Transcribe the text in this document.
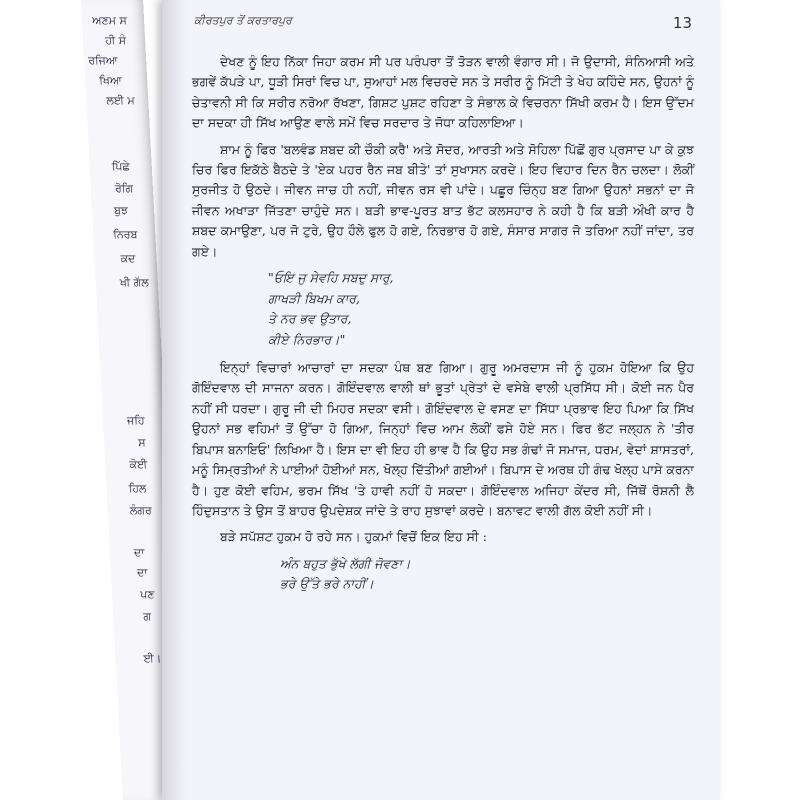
ਅਣਮ ਸ
ਹੀ ਸੰ
ਰਜਿਆ
ਖਿਆ
ਲਈ ਮ
ਪਿੱਛੇ
ਰੋਗਿ
ਬੁਝ
ਨਿਰਬ
ਕਦ
ਖੀ ਗੱਲ
ਜਹਿ
ਸ
ਕੋਈ
ਹਿਲ
ਲੰਗਰ
ਦਾ
ਦਾ
ਪਣ
ਗ
ਈ।
ਕੀਰਤਪੁਰ ਤੋਂ ਕਰਤਾਰਪੁਰ	13

ਦੇਖਣ ਨੂੰ ਇਹ ਨਿੱਕਾ ਜਿਹਾ ਕਰਮ ਸੀ ਪਰ ਪਰੰਪਰਾ ਤੋਂ ਤੋੜਨ ਵਾਲੀ ਵੰਗਾਰ ਸੀ। ਜੋ ਉਦਾਸੀ, ਸੰਨਿਆਸੀ ਅਤੇ ਭਗਵੇਂ ਕੱਪੜੇ ਪਾ, ਧੂੜੀ ਸਿਰਾਂ ਵਿਚ ਪਾ, ਸੁਆਹਾਂ ਮਲ ਵਿਚਰਦੇ ਸਨ ਤੇ ਸਰੀਰ ਨੂੰ ਮਿੱਟੀ ਤੇ ਖੇਹ ਕਹਿੰਦੇ ਸਨ, ਉਹਨਾਂ ਨੂੰ ਚੇਤਾਵਨੀ ਸੀ ਕਿ ਸਰੀਰ ਨਰੋਆ ਰੱਖਣਾ, ਗਿਸ਼ਟ ਪੁਸ਼ਟ ਰਹਿਣਾ ਤੇ ਸੰਭਾਲ ਕੇ ਵਿਚਰਨਾ ਸਿੱਖੀ ਕਰਮ ਹੈ। ਇਸ ਉੱਦਮ ਦਾ ਸਦਕਾ ਹੀ ਸਿੱਖ ਆਉਣ ਵਾਲੇ ਸਮੇਂ ਵਿਚ ਸਰਦਾਰ ਤੇ ਜੋਧਾ ਕਹਿਲਾਇਆ।

ਸ਼ਾਮ ਨੂੰ ਫਿਰ 'ਬਲਵੰਡ ਸ਼ਬਦ ਕੀ ਚੌਕੀ ਕਰੈ' ਅਤੇ ਸੋਦਰ, ਆਰਤੀ ਅਤੇ ਸੋਹਿਲਾ ਪਿੱਛੋਂ ਗੁਰ ਪ੍ਰਸਾਦ ਪਾ ਕੇ ਕੁਝ ਚਿਰ ਫਿਰ ਇਕੱਠੇ ਬੈਠਦੇ ਤੇ 'ਏਕ ਪਹਰ ਰੈਨ ਜਬ ਬੀਤੇ' ਤਾਂ ਸੁਖਾਸਨ ਕਰਦੇ। ਇਹ ਵਿਹਾਰ ਦਿਨ ਰੈਨ ਚਲਦਾ। ਲੋਕੀਂ ਸੁਰਜੀਤ ਹੋ ਉਠਦੇ। ਜੀਵਨ ਜਾਚ ਹੀ ਨਹੀਂ, ਜੀਵਨ ਰਸ ਵੀ ਪਾਂਦੇ। ਪਛੂਰ ਚਿੰਨ੍ਹ ਬਣ ਗਿਆ ਉਹਨਾਂ ਸਭਨਾਂ ਦਾ ਜੋ ਜੀਵਨ ਅਖਾੜਾ ਜਿੱਤਣਾ ਚਾਹੁੰਦੇ ਸਨ। ਬੜੀ ਭਾਵ-ਪੂਰਤ ਬਾਤ ਭੱਟ ਕਲਸਹਾਰ ਨੇ ਕਹੀ ਹੈ ਕਿ ਬੜੀ ਔਖੀ ਕਾਰ ਹੈ ਸ਼ਬਦ ਕਮਾਉਣਾ, ਪਰ ਜੋ ਟੁਰੇ, ਉਹ ਹੌਲੇ ਫੁਲ ਹੋ ਗਏ, ਨਿਰਭਾਰ ਹੋ ਗਏ, ਸੰਸਾਰ ਸਾਗਰ ਜੋ ਤਰਿਆ ਨਹੀਂ ਜਾਂਦਾ, ਤਰ ਗਏ।

"ਓਇ ਜੁ ਸੇਵਹਿ ਸਬਦੁ ਸਾਰੁ,
ਗਾਖੜੀ ਬਿਖਮ ਕਾਰ,
ਤੇ ਨਰ ਭਵ ਉਤਾਰ,
ਕੀਏ ਨਿਰਭਾਰ।"

ਇਨ੍ਹਾਂ ਵਿਚਾਰਾਂ ਆਚਾਰਾਂ ਦਾ ਸਦਕਾ ਪੰਥ ਬਣ ਗਿਆ। ਗੁਰੂ ਅਮਰਦਾਸ ਜੀ ਨੂੰ ਹੁਕਮ ਹੋਇਆ ਕਿ ਉਹ ਗੋਇੰਦਵਾਲ ਦੀ ਸਾਜਨਾ ਕਰਨ। ਗੋਇੰਦਵਾਲ ਵਾਲੀ ਥਾਂ ਭੂਤਾਂ ਪ੍ਰੇਤਾਂ ਦੇ ਵਸੇਬੇ ਵਾਲੀ ਪ੍ਰਸਿੱਧ ਸੀ। ਕੋਈ ਜਨ ਪੈਰ ਨਹੀਂ ਸੀ ਧਰਦਾ। ਗੁਰੂ ਜੀ ਦੀ ਮਿਹਰ ਸਦਕਾ ਵਸੀ। ਗੋਇੰਦਵਾਲ ਦੇ ਵਸਣ ਦਾ ਸਿੱਧਾ ਪ੍ਰਭਾਵ ਇਹ ਪਿਆ ਕਿ ਸਿੱਖ ਉਹਨਾਂ ਸਭ ਵਹਿਮਾਂ ਤੋਂ ਉੱਚਾ ਹੋ ਗਿਆ, ਜਿਨ੍ਹਾਂ ਵਿਚ ਆਮ ਲੋਕੀਂ ਫਸੇ ਹੋਏ ਸਨ। ਫਿਰ ਭੱਟ ਜਲ੍ਹਨ ਨੇ 'ਤੀਰ ਬਿਪਾਸ ਬਨਾਇਓ' ਲਿਖਿਆ ਹੈ। ਇਸ ਦਾ ਵੀ ਇਹ ਹੀ ਭਾਵ ਹੈ ਕਿ ਉਹ ਸਭ ਗੰਢਾਂ ਜੋ ਸਮਾਜ, ਧਰਮ, ਵੇਦਾਂ ਸ਼ਾਸਤਰਾਂ, ਮਨੂੰ ਸਿਮ੍ਰਤੀਆਂ ਨੇ ਪਾਈਆਂ ਹੋਈਆਂ ਸਨ, ਖੋਲ੍ਹ ਦਿੱਤੀਆਂ ਗਈਆਂ। ਬਿਪਾਸ ਦੇ ਅਰਥ ਹੀ ਗੰਢ ਖੋਲ੍ਹ ਪਾਸੇ ਕਰਨਾ ਹੈ। ਹੁਣ ਕੋਈ ਵਹਿਮ, ਭਰਮ ਸਿੱਖ 'ਤੇ ਹਾਵੀ ਨਹੀਂ ਹੋ ਸਕਦਾ। ਗੋਇੰਦਵਾਲ ਅਜਿਹਾ ਕੇਂਦਰ ਸੀ, ਜਿੱਥੋਂ ਰੋਸ਼ਨੀ ਲੈ ਹਿੰਦੁਸਤਾਨ ਤੇ ਉਸ ਤੋਂ ਬਾਹਰ ਉਪਦੇਸ਼ਕ ਜਾਂਦੇ ਤੇ ਰਾਹ ਸੁਝਾਵਾਂ ਕਰਦੇ। ਬਨਾਵਟ ਵਾਲੀ ਗੱਲ ਕੋਈ ਨਹੀਂ ਸੀ।

ਬੜੇ ਸਪੱਸ਼ਟ ਹੁਕਮ ਹੋ ਰਹੇ ਸਨ। ਹੁਕਮਾਂ ਵਿਚੋਂ ਇਕ ਇਹ ਸੀ :

ਅੰਨ ਬਹੁਤ ਭੁੱਖੇ ਲੱਗੀ ਜੋਵਣਾ।
ਭਰੇ ਉੱਤੇ ਭਰੇ ਨਾਹੀਂ।
